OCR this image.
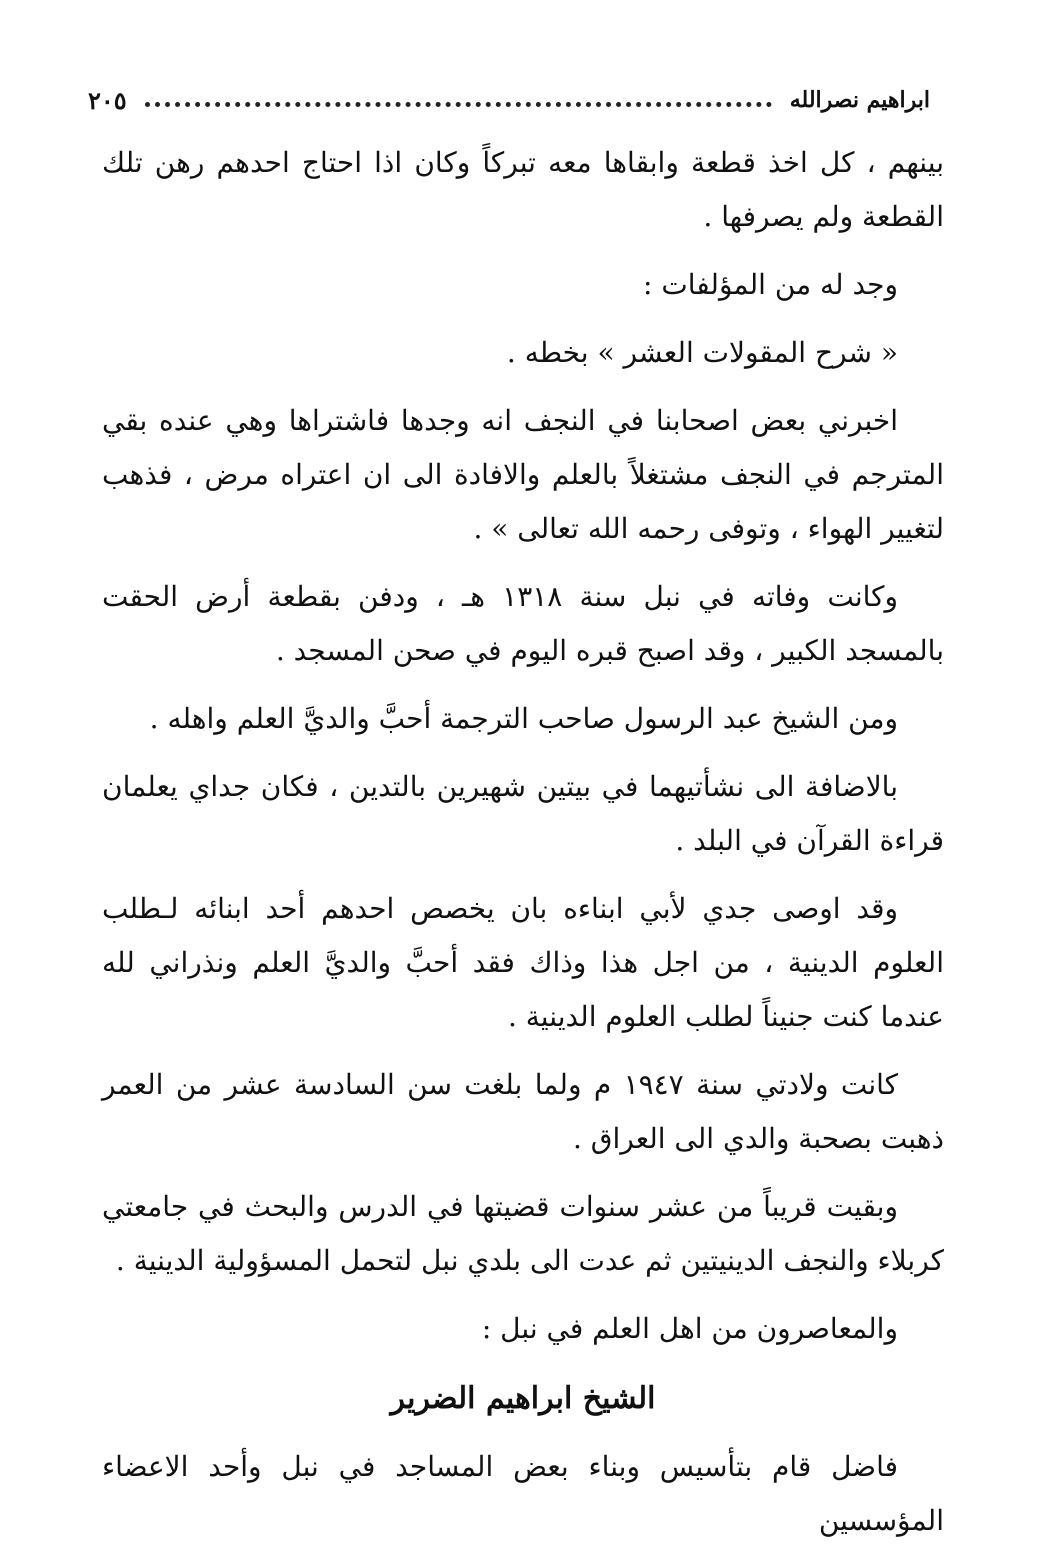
ابراهيم نصرالله
٢٠٥

بينهم ، كل اخذ قطعة وابقاها معه تبركاً وكان اذا احتاج احدهم رهن تلك القطعة ولم يصرفها .

وجد له من المؤلفات :

« شرح المقولات العشر » بخطه .

اخبرني بعض اصحابنا في النجف انه وجدها فاشتراها وهي عنده بقي المترجم في النجف مشتغلاً بالعلم والافادة الى ان اعتراه مرض ، فذهب لتغيير الهواء ، وتوفى رحمه الله تعالى » .

وكانت وفاته في نبل سنة ١٣١٨ هـ ، ودفن بقطعة أرض الحقت بالمسجد الكبير ، وقد اصبح قبره اليوم في صحن المسجد .

ومن الشيخ عبد الرسول صاحب الترجمة أحبَّ والديَّ العلم واهله .

بالاضافة الى نشأتيهما في بيتين شهيرين بالتدين ، فكان جداي يعلمان قراءة القرآن في البلد .

وقد اوصى جدي لأبي ابناءه بان يخصص احدهم أحد ابنائه لـطلب العلوم الدينية ، من اجل هذا وذاك فقد أحبَّ والديَّ العلم ونذراني لله عندما كنت جنيناً لطلب العلوم الدينية .

كانت ولادتي سنة ١٩٤٧ م ولما بلغت سن السادسة عشر من العمر ذهبت بصحبة والدي الى العراق .

وبقيت قريباً من عشر سنوات قضيتها في الدرس والبحث في جامعتي كربلاء والنجف الدينيتين ثم عدت الى بلدي نبل لتحمل المسؤولية الدينية .

والمعاصرون من اهل العلم في نبل :

الشيخ ابراهيم الضرير

فاضل قام بتأسيس وبناء بعض المساجد في نبل وأحد الاعضاء المؤسسين
